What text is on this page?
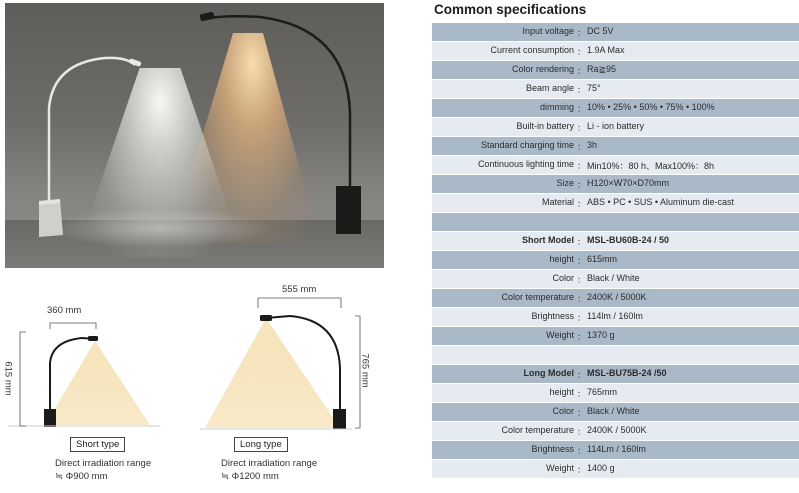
Common specifications
Input voltage ： DC 5V
Current consumption ： 1.9A Max
Color rendering ： Ra≧95
Beam angle ： 75°
dimming ： 10% • 25% • 50% • 75% • 100%
Built-in battery ： Li - ion battery
Standard charging time ： 3h
Continuous lighting time ： Min10%：80 h、Max100%：8h
Size ： H120×W70×D70mm
Material ： ABS • PC • SUS • Aluminum die-cast
Short Model ： MSL-BU60B-24 / 50
height ： 615mm
Color ： Black / White
Color temperature ： 2400K / 5000K
Brightness ： 114lm / 160lm
Weight ： 1370 g
Long Model ： MSL-BU75B-24 /50
height ： 765mm
Color ： Black / White
Color temperature ： 2400K / 5000K
Brightness ： 114Lm / 160lm
Weight ： 1400 g
360 mm
615 mm
Short type
Direct irradiation range
≒ Φ900 mm
555 mm
765 mm
Long type
Direct irradiation range
≒ Φ1200 mm
